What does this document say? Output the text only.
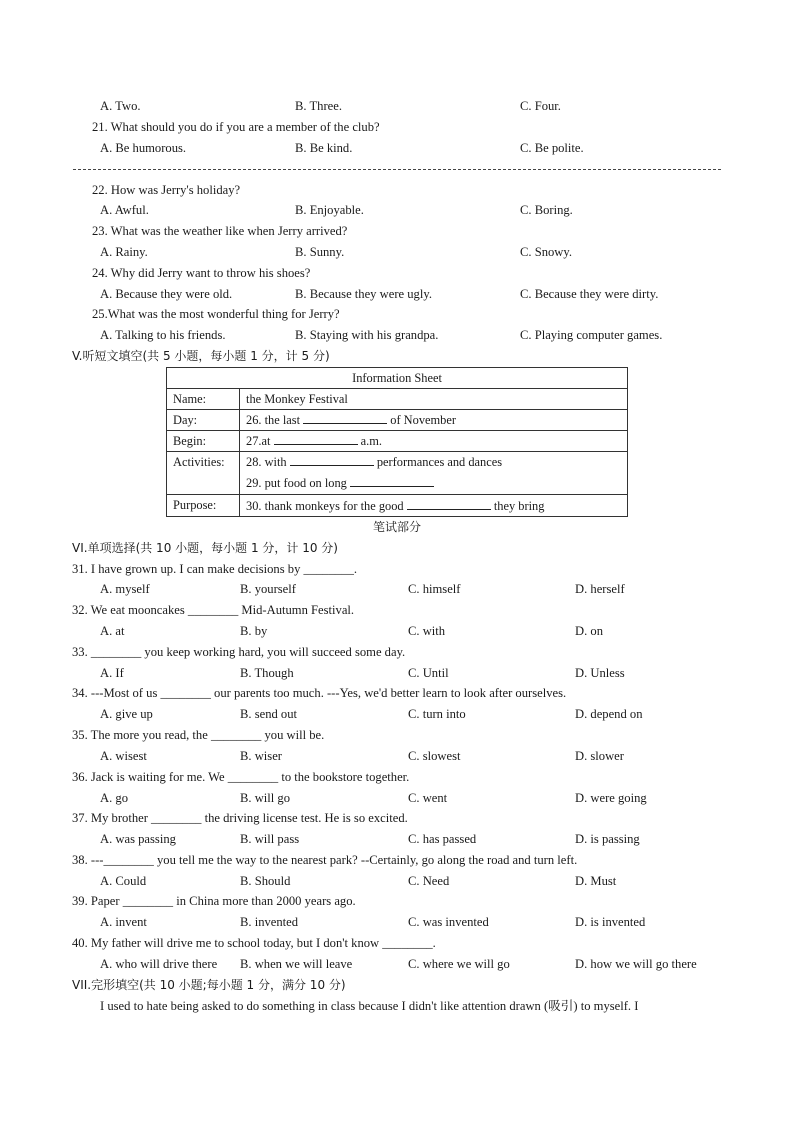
A. Two.	B. Three.	C. Four.
21. What should you do if you are a member of the club?
A. Be humorous.	B. Be kind.	C. Be polite.
22. How was Jerry's holiday?
A. Awful.	B. Enjoyable.	C. Boring.
23. What was the weather like when Jerry arrived?
A. Rainy.	B. Sunny.	C. Snowy.
24. Why did Jerry want to throw his shoes?
A. Because they were old.	B. Because they were ugly.	C. Because they were dirty.
25.What was the most wonderful thing for Jerry?
A. Talking to his friends.	B. Staying with his grandpa.	C. Playing computer games.
V.听短文填空(共 5 小题，每小题 1 分，计 5 分)
Information Sheet	
Name:	the Monkey Festival
Day:	26. the last of November
Begin:	27.at a.m.
Activities:	28. with performances and dances
29. put food on long

Purpose:	30. thank monkeys for the good they bring
笔试部分
VI.单项选择(共 10 小题，每小题 1 分，计 10 分)
31. I have grown up. I can make decisions by ________.
A. myself	B. yourself	C. himself	D. herself
32. We eat mooncakes ________ Mid-Autumn Festival.
A. at	B. by	C. with	D. on
33. ________ you keep working hard, you will succeed some day.
A. If	B. Though	C. Until	D. Unless
34. ---Most of us ________ our parents too much. ---Yes, we'd better learn to look after ourselves.
A. give up	B. send out	C. turn into	D. depend on
35. The more you read, the ________ you will be.
A. wisest	B. wiser	C. slowest	D. slower
36. Jack is waiting for me. We ________ to the bookstore together.
A. go	B. will go	C. went	D. were going
37. My brother ________ the driving license test. He is so excited.
A. was passing	B. will pass	C. has passed	D. is passing
38. ---________ you tell me the way to the nearest park? --Certainly, go along the road and turn left.
A. Could	B. Should	C. Need	D. Must
39. Paper ________ in China more than 2000 years ago.
A. invent	B. invented	C. was invented	D. is invented
40. My father will drive me to school today, but I don't know ________.
A. who will drive there B. when we will leave	C. where we will go	D. how we will go there
VII.完形填空(共 10 小题;每小题 1 分，满分 10 分)
I used to hate being asked to do something in class because I didn't like attention drawn (吸引) to myself. I
